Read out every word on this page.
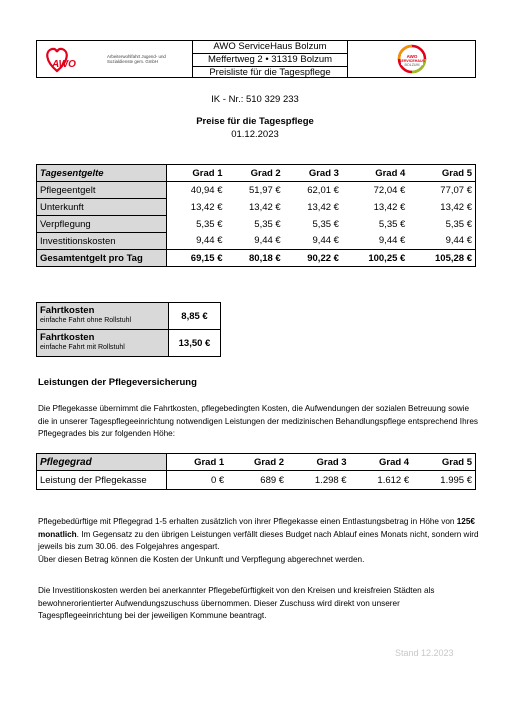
AWO
Arbeiterwohlfahrt Jugend- und Sozialdienste gem. GmbH
AWO ServiceHaus Bolzum
Meffertweg 2 • 31319 Bolzum
Preisliste für die Tagespflege
AWO
SERVICEHAUS
BOLZUM
IK - Nr.: 510 329 233
Preise für die Tagespflege
01.12.2023
Tagesentgelte	Grad 1	Grad 2	Grad 3	Grad 4	Grad 5
Pflegeentgelt	40,94 €	51,97 €	62,01 €	72,04 €	77,07 €
Unterkunft	13,42 €	13,42 €	13,42 €	13,42 €	13,42 €
Verpflegung	5,35 €	5,35 €	5,35 €	5,35 €	5,35 €
Investitionskosten	9,44 €	9,44 €	9,44 €	9,44 €	9,44 €
Gesamtentgelt pro Tag	69,15 €	80,18 €	90,22 €	100,25 €	105,28 €
Fahrtkosten
einfache Fahrt ohne Rollstuhl	8,85 €

Fahrtkosten
einfache Fahrt mit Rollstuhl	13,50 €
Leistungen der Pflegeversicherung
Die Pflegekasse übernimmt die Fahrtkosten, pflegebedingten Kosten, die Aufwendungen der sozialen Betreuung sowie die in unserer Tagespflegeeinrichtung notwendigen Leistungen der medizinischen Behandlungspflege entsprechend Ihres Pflegegrades bis zur folgenden Höhe:
Pflegegrad	Grad 1	Grad 2	Grad 3	Grad 4	Grad 5
Leistung der Pflegekasse	0 €	689 €	1.298 €	1.612 €	1.995 €
Pflegebedürftige mit Pflegegrad 1-5 erhalten zusätzlich von ihrer Pflegekasse einen Entlastungsbetrag in Höhe von 125€ monatlich. Im Gegensatz zu den übrigen Leistungen verfällt dieses Budget nach Ablauf eines Monats nicht, sondern wird jeweils bis zum 30.06. des Folgejahres angespart.
Über diesen Betrag können die Kosten der Unkunft und Verpflegung abgerechnet werden.
Die Investitionskosten werden bei anerkannter Pflegebefürftigkeit von den Kreisen und kreisfreien Städten als bewohnerorientierter Aufwendungszuschuss übernommen. Dieser Zuschuss wird direkt von unserer Tagespflegeeinrichtung bei der jeweiligen Kommune beantragt.
Stand 12.2023
